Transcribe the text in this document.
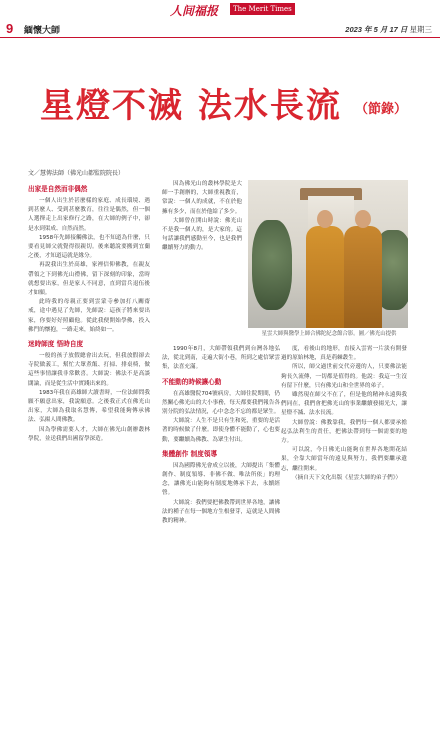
人间福报	The Merit Times
9 緬懷大師	2023 年 5 月 17 日 星期三
星燈不滅 法水長流 （節錄）
文／慧傳法師（佛光山都監院院長）
出家是自然而非偶然

一個人出生於甚麼樣的家庭、成長環境、遇到甚麼人、受到甚麼教育，往往是偶然，但一個人選擇走上出家修行之路，在大師的例子中，卻是水到渠成、自然而然。

1958年先師接觸佛法，也不知道為什麼，只要看見師父就覺得很親切。後來聽說要搬到宜蘭之後，才知道這就是緣分。

再說我出生於高雄，家裡信仰佛教，在親友帶領之下到佛光山禮佛，留下深刻的印象，當時就想要出家，但是家人不同意，直到當兵退伍後才如願。

此時我的母親正要到雲蒙寺參加打八關齋戒，途中遇見了先師，先師說：這孩子將來要出家，你要好好照顧他。從此我便開始學佛，投入佛門的懷抱，一路走來，始終如一。

迷時師度 悟時自度

一般的孩子放假總會出去玩，但我放假卻去寺院做義工，幫忙大眾煮飯、打掃、排桌椅，做這些事情讓我非常歡喜。大師說：佛法不是高談闊論，而是從生活中實踐出來的。

1983年我在高雄師大讀書時，一位法師問我願不願意出家，我說願意。之後我正式在佛光山出家，大師為我取名慧傳，希望我能夠傳承佛法、弘揚人間佛教。

因為學佛需要人才，大師在佛光山創辦叢林學院，並送我們出國留學深造。

1990年8月，大師帶領我們到台灣各地弘法，從北到南，走遍大街小巷，所到之處信眾雲集，法喜充滿。

不能動的時候讓心動

在高雄醫院704號病房，大師住院期間，仍然關心佛光山的大小事務，每天都要我們報告各別分院的弘法情況，心中念念不忘的都是眾生。

大師說：人生不是只有生和死，重要的是活著的時候做了什麼。即使身體不能動了，心也要動，要繼續為佛教、為眾生付出。

集體創作 制度領導

因為國際佛光會成立以後，大師提出「集體創作、制度領導、非佛不做、唯法所依」的理念，讓佛光山能夠有制度地傳承下去，永續經營。

大師說：我們要把佛教帶到世界各地，讓佛法的種子在每一個地方生根發芽，這就是人間佛教的精神。

度，看後山的地形，直接入雲霄一片淡有開發過的原始林地，真是荊棘叢生。

所以，師父過世前交代旁邊的人，只要佛法能夠長久流傳，一切都是值得的。他說：我這一生沒有留下什麼，只有佛光山和全世界的弟子。

雖然現在師父不在了，但是他的精神永遠與我們同在，我們會把佛光山的事業繼續發揚光大，讓星燈不滅、法水長流。

大師曾說：佛教靠我，我們每一個人都要承擔起弘法利生的責任，把佛法帶到每一個需要的地方。

可以說，今日佛光山能夠在世界各地開花結果，全靠大師當年的遠見與努力，我們要繼承遺志，繼往開來。

（摘自天下文化出版《星雲大師的弟子們》）

星雲大師與醫學上師合佛陀紀念館合影。圖／佛光山提供

因為佛光山的叢林學院是大師一手創辦的，大師重視教育，常說：一個人的成就，不在於他擁有多少，而在於他給了多少。

大師曾在開山時說：佛光山不是我一個人的，是大家的。這句話讓我們感動至今，也是我們繼續努力的動力。
